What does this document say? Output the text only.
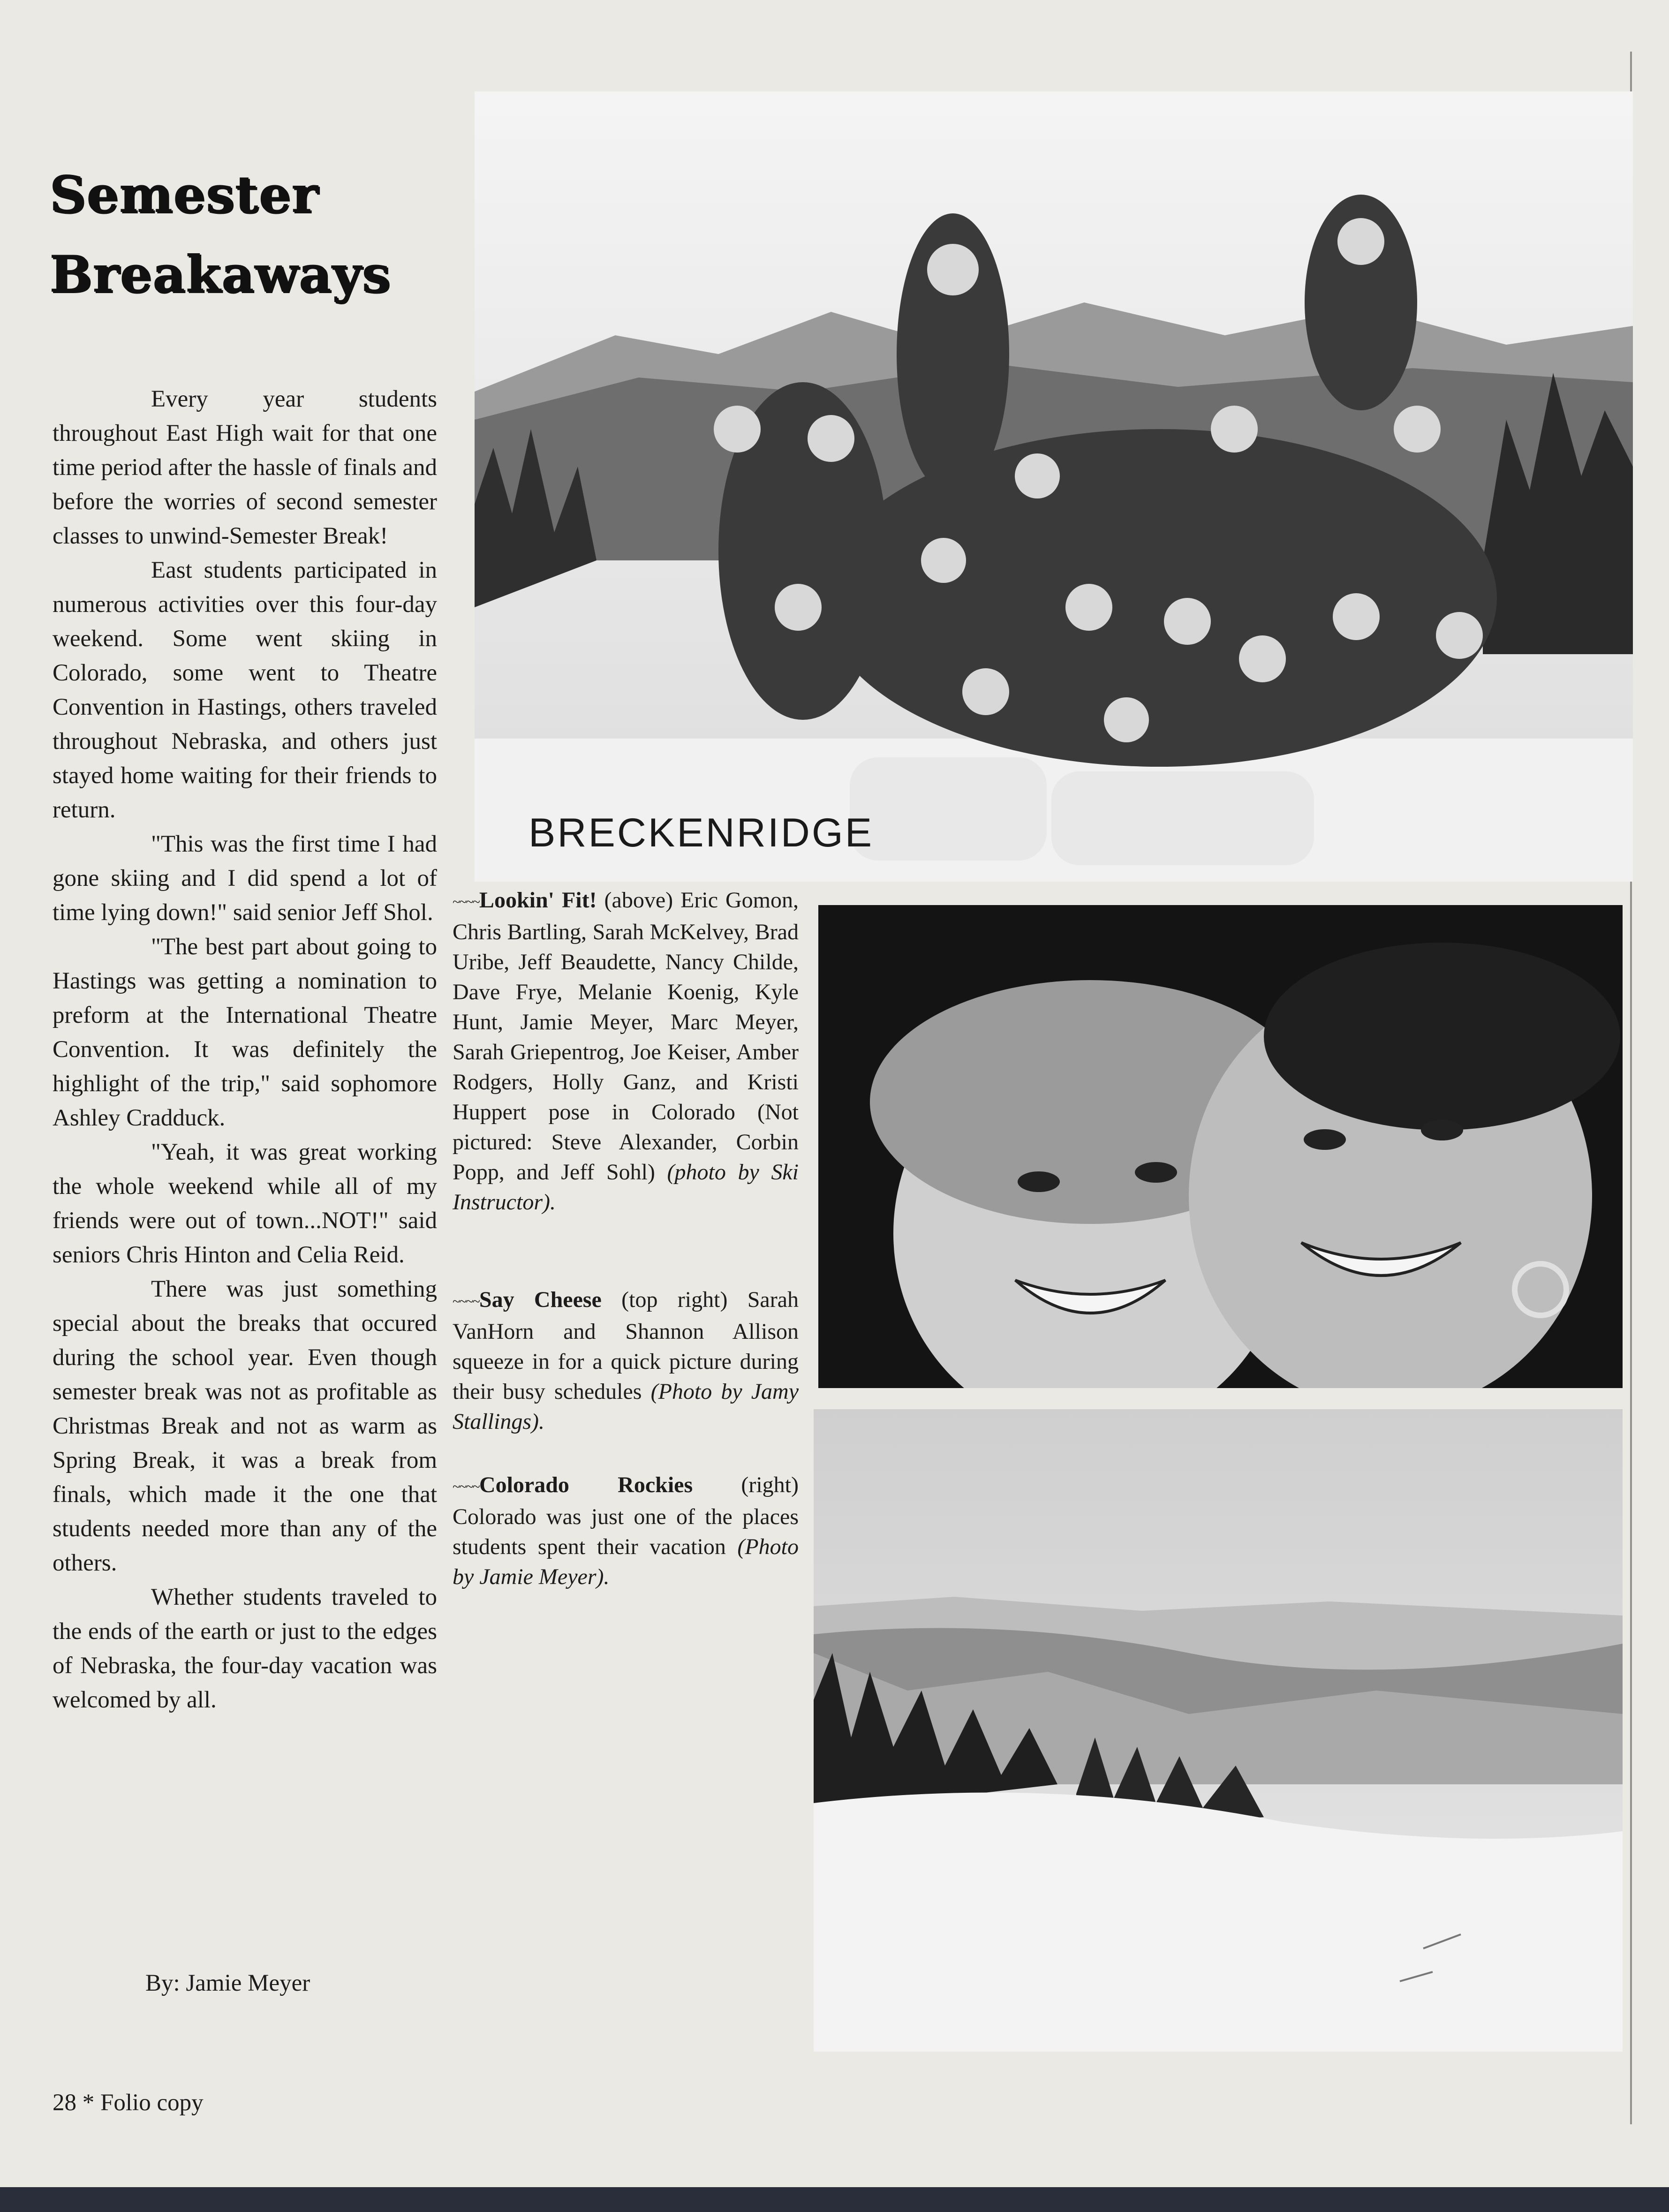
Semester
Breakaways

Every year students throughout East High wait for that one time period after the hassle of finals and before the worries of second semester classes to unwind-Semester Break!

East students participated in numerous activities over this four-day weekend. Some went skiing in Colorado, some went to Theatre Convention in Hastings, others traveled throughout Nebraska, and others just stayed home waiting for their friends to return.

"This was the first time I had gone skiing and I did spend a lot of time lying down!" said senior Jeff Shol.

"The best part about going to Hastings was getting a nomination to preform at the International Theatre Convention. It was definitely the highlight of the trip," said sophomore Ashley Cradduck.

"Yeah, it was great working the whole weekend while all of my friends were out of town...NOT!" said seniors Chris Hinton and Celia Reid.

There was just something special about the breaks that occured during the school year. Even though semester break was not as profitable as Christmas Break and not as warm as Spring Break, it was a break from finals, which made it the one that students needed more than any of the others.

Whether students traveled to the ends of the earth or just to the edges of Nebraska, the four-day vacation was welcomed by all.

By: Jamie Meyer
28 * Folio copy
BRECKENRIDGE
~~~~Lookin' Fit! (above) Eric Gomon, Chris Bartling, Sarah McKelvey, Brad Uribe, Jeff Beaudette, Nancy Childe, Dave Frye, Melanie Koenig, Kyle Hunt, Jamie Meyer, Marc Meyer, Sarah Griepentrog, Joe Keiser, Amber Rodgers, Holly Ganz, and Kristi Huppert pose in Colorado (Not pictured: Steve Alexander, Corbin Popp, and Jeff Sohl) (photo by Ski Instructor).
~~~~Say Cheese (top right) Sarah VanHorn and Shannon Allison squeeze in for a quick picture during their busy schedules (Photo by Jamy Stallings).
~~~~Colorado Rockies (right) Colorado was just one of the places students spent their vacation (Photo by Jamie Meyer).
